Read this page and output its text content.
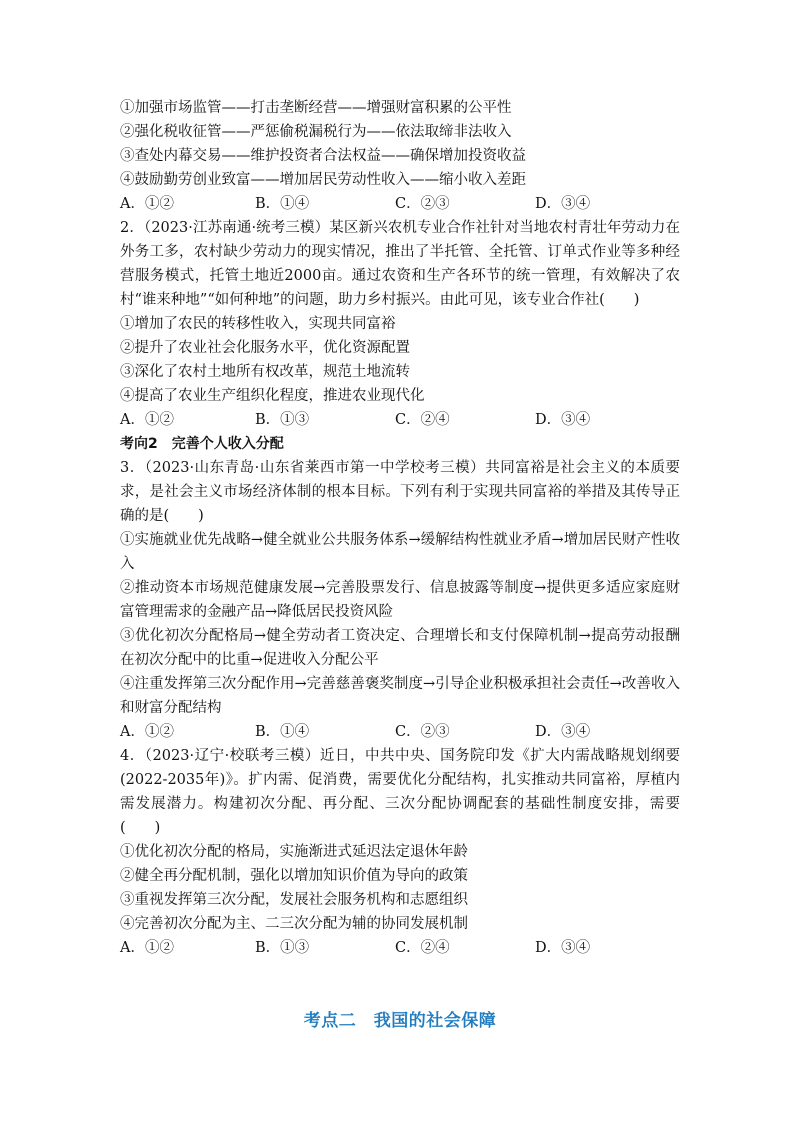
①加强市场监管——打击垄断经营——增强财富积累的公平性

②强化税收征管——严惩偷税漏税行为——依法取缔非法收入

③查处内幕交易——维护投资者合法权益——确保增加投资收益

④鼓励勤劳创业致富——增加居民劳动性收入——缩小收入差距

A．①②	B．①④	C．②③	D．③④

2．（2023·江苏南通·统考三模）某区新兴农机专业合作社针对当地农村青壮年劳动力在外务工多，农村缺少劳动力的现实情况，推出了半托管、全托管、订单式作业等多种经营服务模式，托管土地近2000亩。通过农资和生产各环节的统一管理，有效解决了农村“谁来种地”“如何种地”的问题，助力乡村振兴。由此可见，该专业合作社(　　)

①增加了农民的转移性收入，实现共同富裕

②提升了农业社会化服务水平，优化资源配置

③深化了农村土地所有权改革，规范土地流转

④提高了农业生产组织化程度，推进农业现代化

A．①②	B．①③	C．②④	D．③④

考向2　完善个人收入分配

3．（2023·山东青岛·山东省莱西市第一中学校考三模）共同富裕是社会主义的本质要求，是社会主义市场经济体制的根本目标。下列有利于实现共同富裕的举措及其传导正确的是(　　)

①实施就业优先战略→健全就业公共服务体系→缓解结构性就业矛盾→增加居民财产性收入

②推动资本市场规范健康发展→完善股票发行、信息披露等制度→提供更多适应家庭财富管理需求的金融产品→降低居民投资风险

③优化初次分配格局→健全劳动者工资决定、合理增长和支付保障机制→提高劳动报酬在初次分配中的比重→促进收入分配公平

④注重发挥第三次分配作用→完善慈善褒奖制度→引导企业积极承担社会责任→改善收入和财富分配结构

A．①②	B．①④	C．②③	D．③④

4．（2023·辽宁·校联考三模）近日，中共中央、国务院印发《扩大内需战略规划纲要(2022-2035年)》。扩内需、促消费，需要优化分配结构，扎实推动共同富裕，厚植内需发展潜力。构建初次分配、再分配、三次分配协调配套的基础性制度安排，需要(　　)

①优化初次分配的格局，实施渐进式延迟法定退休年龄

②健全再分配机制，强化以增加知识价值为导向的政策

③重视发挥第三次分配，发展社会服务机构和志愿组织

④完善初次分配为主、二三次分配为辅的协同发展机制

A．①②	B．①③	C．②④	D．③④
考点二　我国的社会保障
